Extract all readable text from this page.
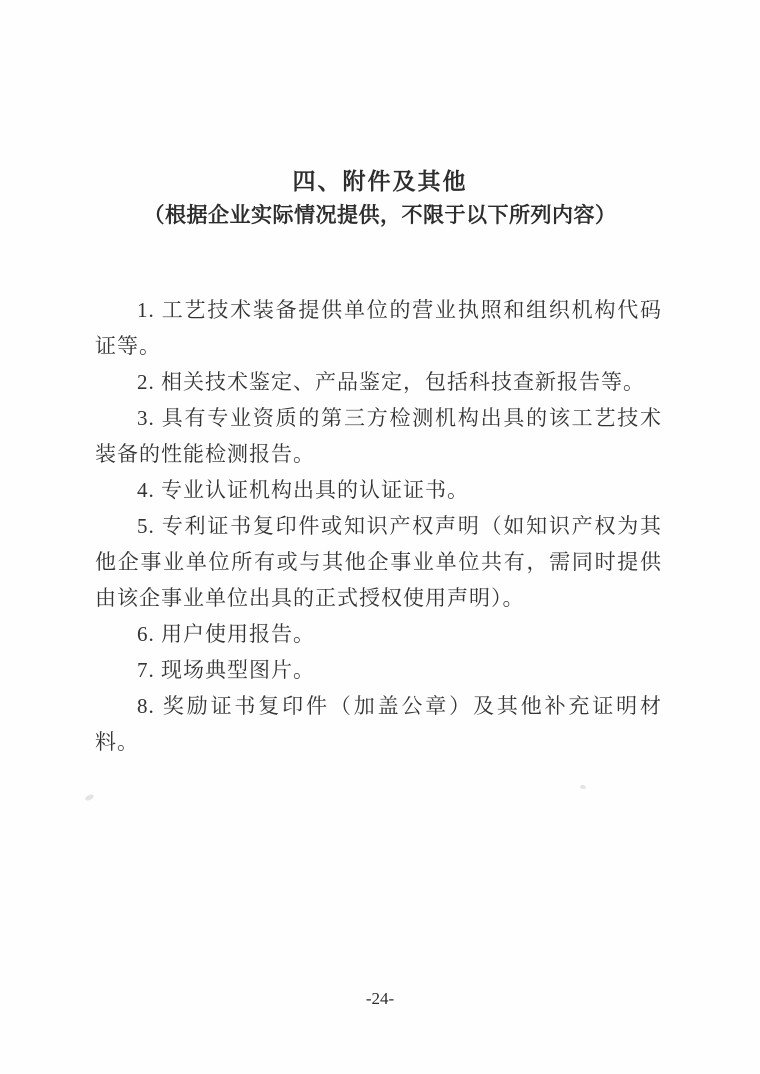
四、附件及其他
（根据企业实际情况提供，不限于以下所列内容）

1. 工艺技术装备提供单位的营业执照和组织机构代码证等。

2. 相关技术鉴定、产品鉴定，包括科技查新报告等。

3. 具有专业资质的第三方检测机构出具的该工艺技术装备的性能检测报告。

4. 专业认证机构出具的认证证书。

5. 专利证书复印件或知识产权声明（如知识产权为其他企事业单位所有或与其他企事业单位共有，需同时提供由该企事业单位出具的正式授权使用声明）。

6. 用户使用报告。

7. 现场典型图片。

8. 奖励证书复印件（加盖公章）及其他补充证明材料。

-24-
